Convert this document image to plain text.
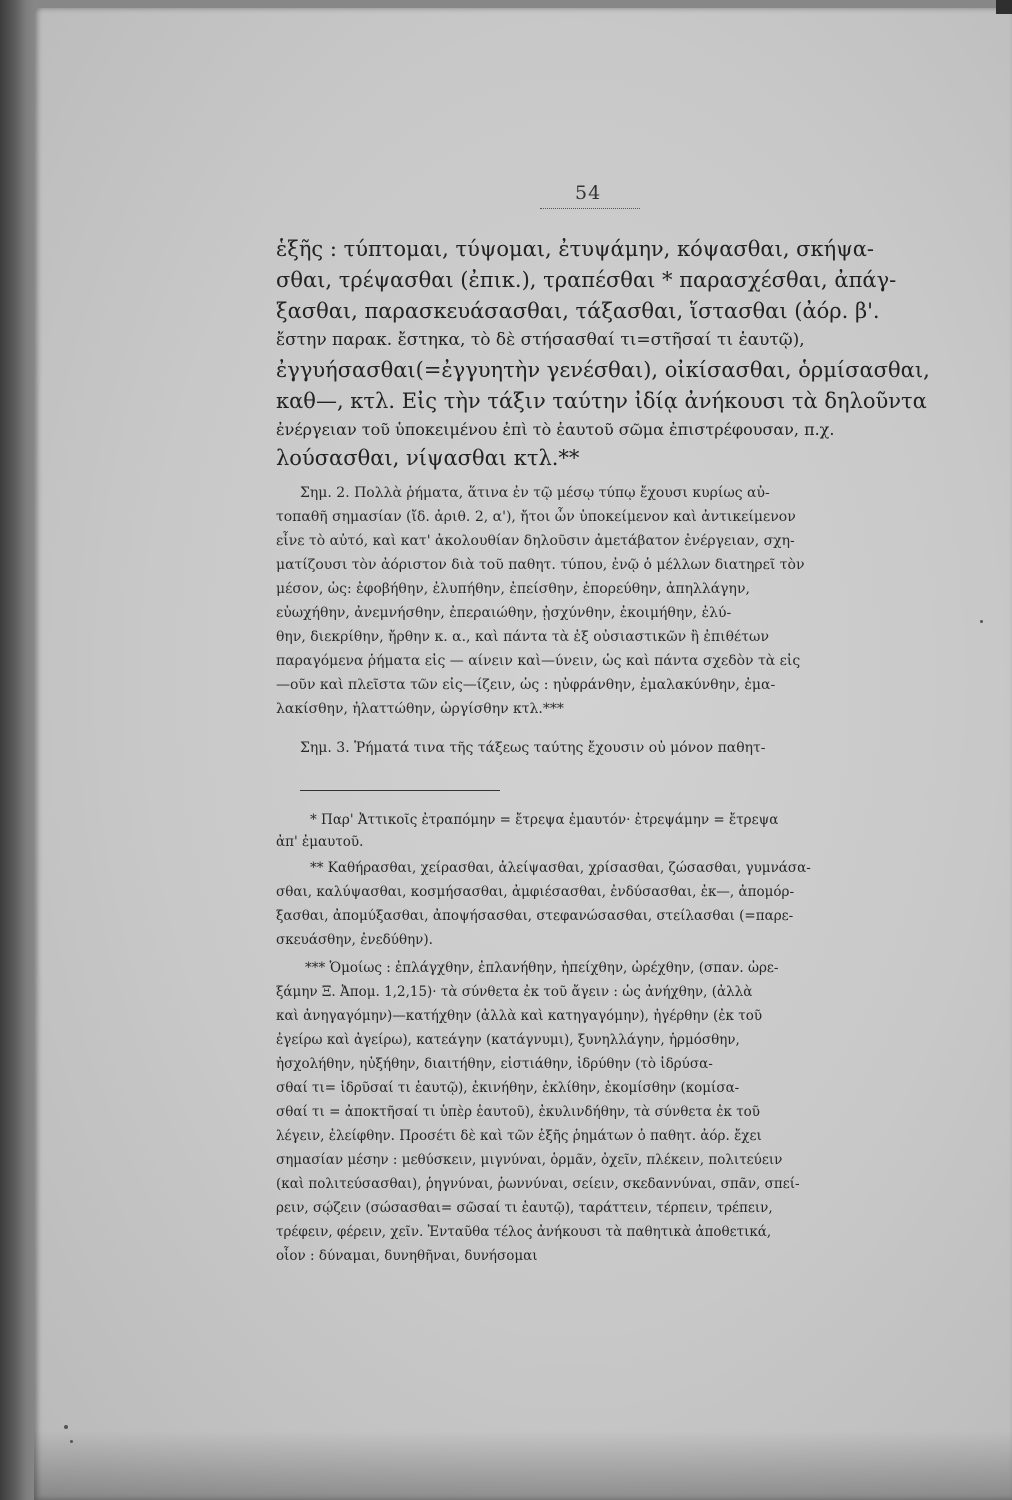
54

ἑξῆς : τύπτομαι, τύψομαι, ἐτυψάμην, κόψασθαι, σκήψα-

σθαι, τρέψασθαι (ἐπικ.), τραπέσθαι * παρασχέσθαι, ἀπάγ-

ξασθαι, παρασκευάσασθαι, τάξασθαι, ἵστασθαι (ἀόρ. β'.

ἔστην παρακ. ἔστηκα, τὸ δὲ στήσασθαί τι=στῆσαί τι ἑαυτῷ),

ἐγγυήσασθαι(=ἐγγυητὴν γενέσθαι), οἰκίσασθαι, ὁρμίσασθαι,

καθ—, κτλ. Εἰς τὴν τάξιν ταύτην ἰδίᾳ ἀνήκουσι τὰ δηλοῦντα

ἐνέργειαν τοῦ ὑποκειμένου ἐπὶ τὸ ἑαυτοῦ σῶμα ἐπιστρέφουσαν, π.χ.

λούσασθαι, νίψασθαι κτλ.**

Σημ. 2. Πολλὰ ῥήματα, ἅτινα ἐν τῷ μέσῳ τύπῳ ἔχουσι κυρίως αὐ-

τοπαθῆ σημασίαν (ἴδ. ἀριθ. 2, α'), ἤτοι ὧν ὑποκείμενον καὶ ἀντικείμενον

εἶνε τὸ αὐτό, καὶ κατ' ἀκολουθίαν δηλοῦσιν ἀμετάβατον ἐνέργειαν, σχη-

ματίζουσι τὸν ἀόριστον διὰ τοῦ παθητ. τύπου, ἐνῷ ὁ μέλλων διατηρεῖ τὸν

μέσον, ὡς: ἐφοβήθην, ἐλυπήθην, ἐπείσθην, ἐπορεύθην, ἀπηλλάγην,

εὐωχήθην, ἀνεμνήσθην, ἐπεραιώθην, ᾐσχύνθην, ἐκοιμήθην, ἐλύ-

θην, διεκρίθην, ἤρθην κ. α., καὶ πάντα τὰ ἐξ οὐσιαστικῶν ἢ ἐπιθέτων

παραγόμενα ῥήματα εἰς — αίνειν καὶ—ύνειν, ὡς καὶ πάντα σχεδὸν τὰ εἰς

—οῦν καὶ πλεῖστα τῶν εἰς—ίζειν, ὡς : ηὐφράνθην, ἐμαλακύνθην, ἐμα-

λακίσθην, ἠλαττώθην, ὠργίσθην κτλ.***

Σημ. 3. Ῥήματά τινα τῆς τάξεως ταύτης ἔχουσιν οὐ μόνον παθητ-

* Παρ' Ἀττικοῖς ἐτραπόμην = ἔτρεψα ἐμαυτόν· ἐτρεψάμην = ἔτρεψα

ἀπ' ἐμαυτοῦ.

** Καθήρασθαι, χείρασθαι, ἀλείψασθαι, χρίσασθαι, ζώσασθαι, γυμνάσα-

σθαι, καλύψασθαι, κοσμήσασθαι, ἀμφιέσασθαι, ἐνδύσασθαι, ἐκ—, ἀπομόρ-

ξασθαι, ἀπομύξασθαι, ἀποψήσασθαι, στεφανώσασθαι, στείλασθαι (=παρε-

σκευάσθην, ἐνεδύθην).

*** Ὁμοίως : ἐπλάγχθην, ἐπλανήθην, ἠπείχθην, ὠρέχθην, (σπαν. ὠρε-

ξάμην Ξ. Ἀπομ. 1,2,15)· τὰ σύνθετα ἐκ τοῦ ἄγειν : ὡς ἀνήχθην, (ἀλλὰ

καὶ ἀνηγαγόμην)—κατήχθην (ἀλλὰ καὶ κατηγαγόμην), ἠγέρθην (ἐκ τοῦ

ἐγείρω καὶ ἀγείρω), κατεάγην (κατάγνυμι), ξυνηλλάγην, ἡρμόσθην,

ἠσχολήθην, ηὐξήθην, διαιτήθην, εἰστιάθην, ἱδρύθην (τὸ ἱδρύσα-

σθαί τι= ἱδρῦσαί τι ἑαυτῷ), ἐκινήθην, ἐκλίθην, ἐκομίσθην (κομίσα-

σθαί τι = ἀποκτῆσαί τι ὑπὲρ ἑαυτοῦ), ἐκυλινδήθην, τὰ σύνθετα ἐκ τοῦ

λέγειν, ἐλείφθην. Προσέτι δὲ καὶ τῶν ἑξῆς ῥημάτων ὁ παθητ. ἀόρ. ἔχει

σημασίαν μέσην : μεθύσκειν, μιγνύναι, ὁρμᾶν, ὀχεῖν, πλέκειν, πολιτεύειν

(καὶ πολιτεύσασθαι), ῥηγνύναι, ῥωννύναι, σείειν, σκεδαννύναι, σπᾶν, σπεί-

ρειν, σῴζειν (σώσασθαι= σῶσαί τι ἑαυτῷ), ταράττειν, τέρπειν, τρέπειν,

τρέφειν, φέρειν, χεῖν. Ἐνταῦθα τέλος ἀνήκουσι τὰ παθητικὰ ἀποθετικά,

οἷον : δύναμαι, δυνηθῆναι, δυνήσομαι
